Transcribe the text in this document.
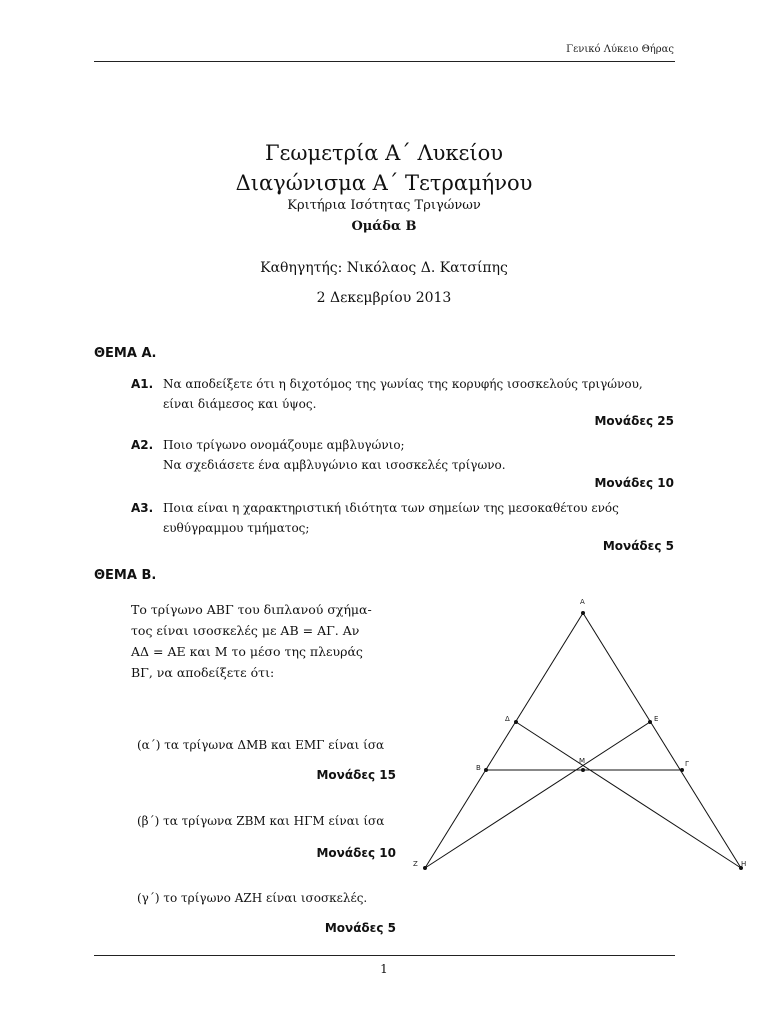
Γενικό Λύκειο Θήρας
Γεωμετρία Α΄ Λυκείου
Διαγώνισμα Α΄ Τετραμήνου
Κριτήρια Ισότητας Τριγώνων
Ομάδα Β
Καθηγητής: Νικόλαος Δ. Κατσίπης
2 Δεκεμβρίου 2013
ΘΕΜΑ Α.
A1. Να αποδείξετε ότι η διχοτόμος της γωνίας της κορυφής ισοσκελούς τριγώνου,
είναι διάμεσος και ύψος.
Μονάδες 25
A2. Ποιο τρίγωνο ονομάζουμε αμβλυγώνιο;
Να σχεδιάσετε ένα αμβλυγώνιο και ισοσκελές τρίγωνο.
Μονάδες 10
A3. Ποια είναι η χαρακτηριστική ιδιότητα των σημείων της μεσοκαθέτου ενός
ευθύγραμμου τμήματος;
Μονάδες 5
ΘΕΜΑ Β.
Το τρίγωνο ΑΒΓ του διπλανού σχήμα-
τος είναι ισοσκελές με ΑΒ = ΑΓ. Αν
ΑΔ = ΑΕ και Μ το μέσο της πλευράς
ΒΓ, να αποδείξετε ότι:
(α΄) τα τρίγωνα ΔΜΒ και ΕΜΓ είναι ίσα
Μονάδες 15
(β΄) τα τρίγωνα ΖΒΜ και ΗΓΜ είναι ίσα
Μονάδες 10
(γ΄) το τρίγωνο ΑΖΗ είναι ισοσκελές.
Μονάδες 5
A
Δ	E
B
M	Γ
Z	H
1
